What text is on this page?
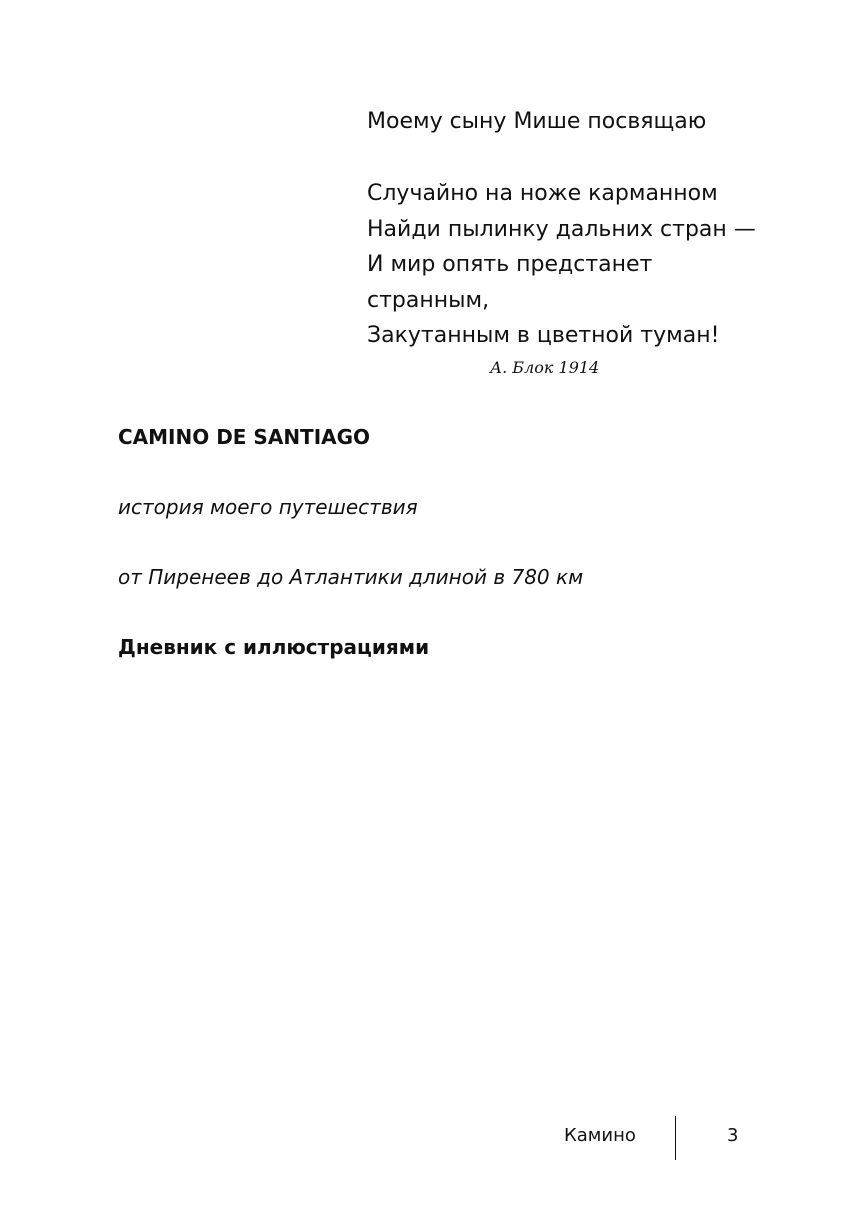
Моему сыну Мише посвящаю
Случайно на ноже карманном
Найди пылинку дальних стран —
И мир опять предстанет
странным,
Закутанным в цветной туман!
А. Блок 1914
CAMINO DE SANTIAGO
история моего путешествия
от Пиренеев до Атлантики длиной в 780 км
Дневник с иллюстрациями
Камино	3
